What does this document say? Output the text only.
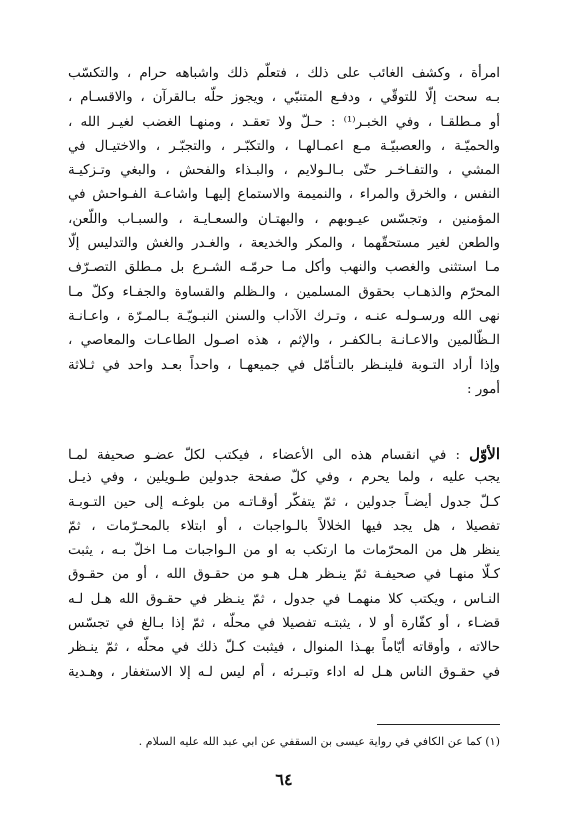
امرأة ، وكشف الغائب على ذلك ، فتعلّم ذلك واشباهه حرام ، والتكسّب
بـه سحت إلّا للتوقّي ، ودفـع المتنبّي ، ويجوز حلّه بـالقرآن ، والاقسـام ،
أو مـطلقـا ، وفي الخبـر⁽¹⁾ : حـلّ ولا تعقـد ، ومنهـا الغضب لغيـر الله ،
والحميّـة ، والعصبيّـة مـع اعمـالهـا ، والتكبّـر ، والتجبّـر ، والاختيـال في
المشي ، والتفـاخـر حتّى بـالـولايم ، والبـذاء والفحش ، والبغي وتـزكيـة
النفس ، والخرق والمراء ، والنميمة والاستماع إليهـا واشاعـة الفـواحش في
المؤمنين ، وتجسّس عيـوبهم ، والبهتـان والسعـايـة ، والسبـاب واللّعن،
والطعن لغير مستحقّهما ، والمكر والخديعة ، والغـدر والغش والتدليس إلّا
مـا استثنى والغصب والنهب وأكل مـا حرمّـه الشـرع بل مـطلق التصـرّف
المحرّم والذهـاب بحقوق المسلمين ، والـظلم والقساوة والجفـاء وكلّ مـا
نهى الله ورسـولـه عنـه ، وتـرك الآداب والسنن النبـويّـة بـالمـرّة ، واعـانـة
الـظّالمين والاعـانـة بـالكفـر ، والإثم ، هذه اصـول الطاعـات والمعاصي ،
وإذا أراد التـوبة فلينـظر بالتـأمّل في جميعهـا ، واحداً بعـد واحد في ثـلاثة
أمور :
الأوّل : في انقسام هذه الى الأعضاء ، فيكتب لكلّ عضـو صحيفة لمـا
يجب عليه ، ولما يحرم ، وفي كلّ صفحة جدولين طـويلين ، وفي ذيـل
كـلّ جدول أيضـاً جدولين ، ثمّ يتفكّر أوقـاتـه من بلوغـه إلى حين التـوبـة
تفصيلا ، هل يجد فيها الخلالاً بالـواجبات ، أو ابتلاء بالمحـرّمات ، ثمّ
ينظر هل من المحرّمات ما ارتكب به او من الـواجبات مـا اخلّ بـه ، يثبت
كـلّا منهـا في صحيفـة ثمّ ينـظر هـل هـو من حقـوق الله ، أو من حقـوق
النـاس ، ويكتب كلا منهمـا في جدول ، ثمّ ينـظر في حقـوق الله هـل لـه
قضـاء ، أو كفّارة أو لا ، يثبتـه تفصيلا في محلّه ، ثمّ إذا بـالغ في تجسّس
حالاته ، وأوقاته أيّاماً بهـذا المنوال ، فيثبت كـلّ ذلك في محلّه ، ثمّ ينـظر
في حقـوق الناس هـل له اداء وتبـرئه ، أم ليس لـه إلا الاستغفار ، وهـدية
(١) كما عن الكافي في رواية عيسى بن السقفي عن ابي عبد الله عليه السلام .
٦٤
